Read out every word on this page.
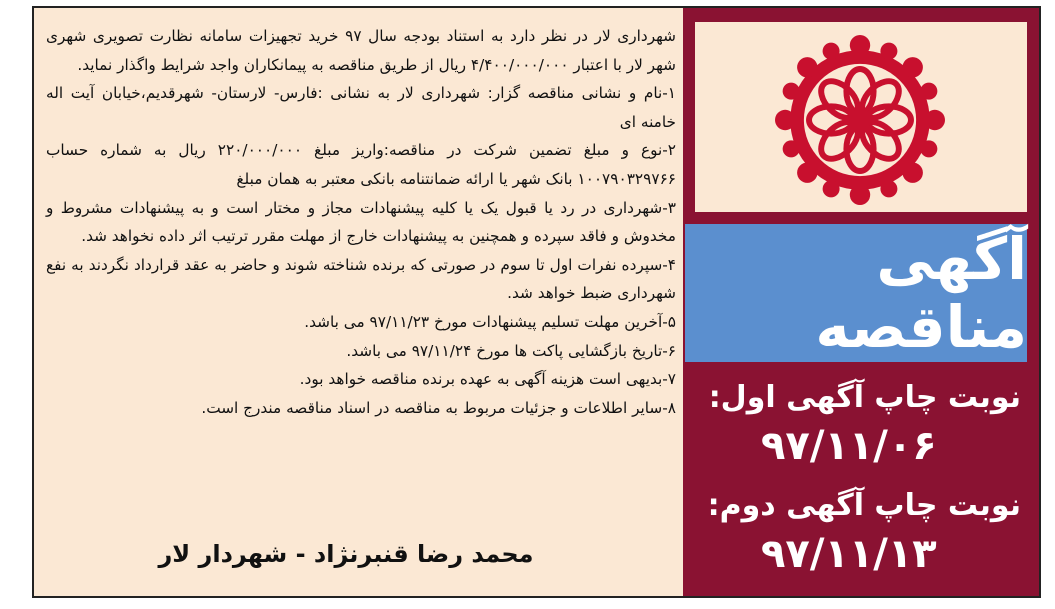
شهرداری لار در نظر دارد به استناد بودجه سال ۹۷ خرید تجهیزات سامانه نظارت تصویری شهری شهر لار با اعتبار ۴/۴۰۰/۰۰۰/۰۰۰ ریال از طریق مناقصه به پیمانکاران واجد شرایط واگذار نماید.

۱-نام و نشانی مناقصه گزار: شهرداری لار به نشانی :فارس- لارستان- شهرقدیم،خیابان آیت اله خامنه ای

۲-نوع و مبلغ تضمین شرکت در مناقصه:واریز مبلغ ۲۲۰/۰۰۰/۰۰۰ ریال به شماره حساب ۱۰۰۷۹۰۳۲۹۷۶۶ بانک شهر یا ارائه ضمانتنامه بانکی معتبر به همان مبلغ

۳-شهرداری در رد یا قبول یک یا کلیه پیشنهادات مجاز و مختار است و به پیشنهادات مشروط و مخدوش و فاقد سپرده و همچنین به پیشنهادات خارج از مهلت مقرر ترتیب اثر داده نخواهد شد.

۴-سپرده نفرات اول تا سوم در صورتی که برنده شناخته شوند و حاضر به عقد قرارداد نگردند به نفع شهرداری ضبط خواهد شد.

۵-آخرین مهلت تسلیم پیشنهادات مورخ ۹۷/۱۱/۲۳ می باشد.

۶-تاریخ بازگشایی پاکت ها مورخ ۹۷/۱۱/۲۴ می باشد.

۷-بدیهی است هزینه آگهی به عهده برنده مناقصه خواهد بود.

۸-سایر اطلاعات و جزئیات مربوط به مناقصه در اسناد مناقصه مندرج است.

محمد رضا قنبرنژاد - شهردار لار
آگهی مناقصه
نوبت چاپ آگهی اول:
۹۷/۱۱/۰۶
نوبت چاپ آگهی دوم:
۹۷/۱۱/۱۳
